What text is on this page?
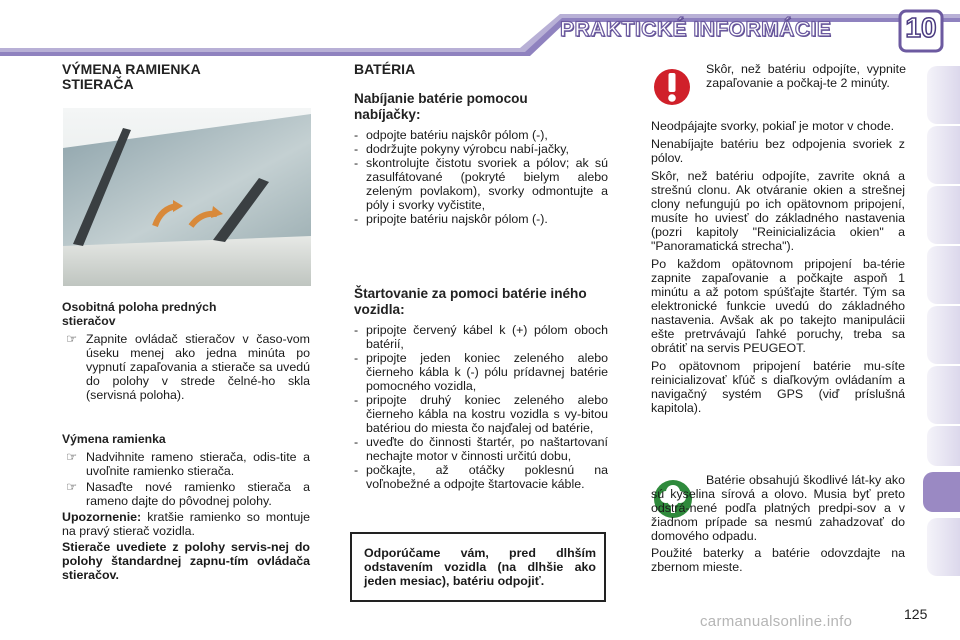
PRAKTICKÉ INFORMÁCIE	10
VÝMENA RAMIENKA STIERAČA
Osobitná poloha predných stieračov
☞ Zapnite ovládač stieračov v časo-vom úseku menej ako jedna minúta po vypnutí zapaľovania a stierače sa uvedú do polohy v strede čelné-ho skla (servisná poloha).
Výmena ramienka
☞ Nadvihnite rameno stierača, odis-tite a uvoľnite ramienko stierača.
☞ Nasaďte nové ramienko stierača a rameno dajte do pôvodnej polohy.

Upozornenie: kratšie ramienko so montuje na pravý stierač vozidla.

Stierače uvediete z polohy servis-nej do polohy štandardnej zapnu-tím ovládača stieračov.

BATÉRIA
Nabíjanie batérie pomocou nabíjačky:

- odpojte batériu najskôr pólom (-),

- dodržujte pokyny výrobcu nabí-jačky,

- skontrolujte čistotu svoriek a pólov; ak sú zasulfátované (pokryté bielym alebo zeleným povlakom), svorky odmontujte a póly i svorky vyčistite,

- pripojte batériu najskôr pólom (-).

Štartovanie za pomoci batérie iného vozidla:

- pripojte červený kábel k (+) pólom oboch batérií,

- pripojte jeden koniec zeleného alebo čierneho kábla k (-) pólu prídavnej batérie pomocného vozidla,

- pripojte druhý koniec zeleného alebo čierneho kábla na kostru vozidla s vy-bitou batériou do miesta čo najďalej od batérie,

- uveďte do činnosti štartér, po naštartovaní nechajte motor v činnosti určitú dobu,

- počkajte, až otáčky poklesnú na voľnobežné a odpojte štartovacie káble.

Odporúčame vám, pred dlhším odstavením vozidla (na dlhšie ako jeden mesiac), batériu odpojiť.
Skôr, než batériu odpojíte, vypnite zapaľovanie a počkaj-te 2 minúty.

Neodpájajte svorky, pokiaľ je motor v chode.

Nenabíjajte batériu bez odpojenia svoriek z pólov.

Skôr, než batériu odpojíte, zavrite okná a strešnú clonu. Ak otváranie okien a strešnej clony nefungujú po ich opätovnom pripojení, musíte ho uviesť do základného nastavenia (pozri kapitoly "Reinicializácia okien" a "Panoramatická strecha").

Po každom opätovnom pripojení ba-térie zapnite zapaľovanie a počkajte aspoň 1 minútu a až potom spúšťajte štartér. Tým sa elektronické funkcie uvedú do základného nastavenia. Avšak ak po takejto manipulácii ešte pretrvávajú ľahké poruchy, treba sa obrátiť na servis PEUGEOT.

Po opätovnom pripojení batérie mu-síte reinicializovať kľúč s diaľkovým ovládaním a navigačný systém GPS (viď príslušná kapitola).

Batérie obsahujú škodlivé lát-ky ako sú kyselina sírová a olovo. Musia byť preto odstrá-nené podľa platných predpi-sov a v žiadnom prípade sa nesmú zahadzovať do domového odpadu.

Použité baterky a batérie odovzdajte na zbernom mieste.

carmanualsonline.info	125
